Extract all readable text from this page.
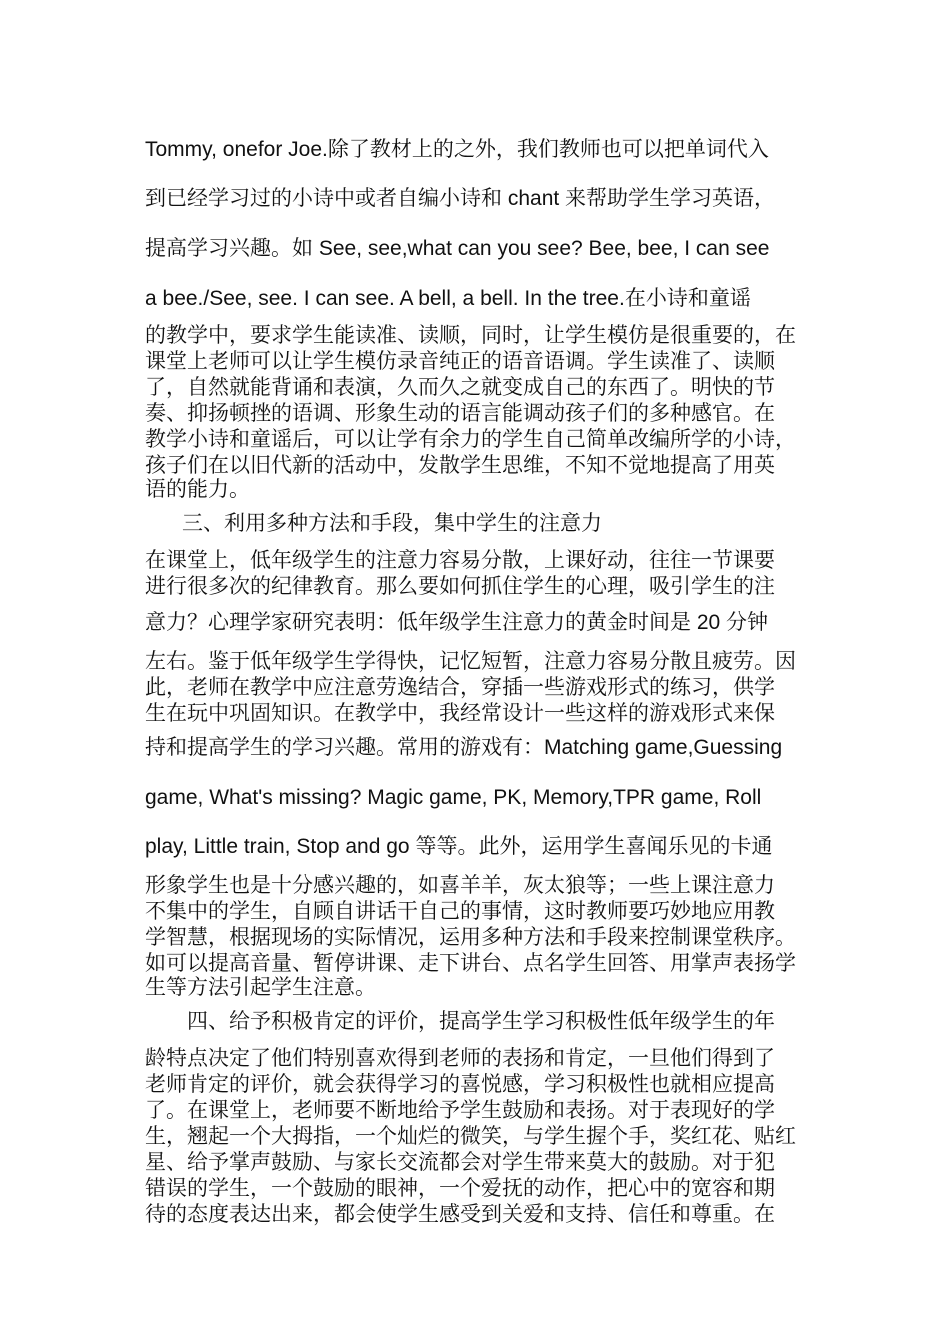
Tommy, onefor Joe.除了教材上的之外，我们教师也可以把单词代入
到已经学习过的小诗中或者自编小诗和 chant 来帮助学生学习英语，
提高学习兴趣。如 See, see,what can you see? Bee, bee, I can see
a bee./See, see. I can see. A bell, a bell. In the tree.在小诗和童谣
的教学中，要求学生能读准、读顺，同时，让学生模仿是很重要的，在
课堂上老师可以让学生模仿录音纯正的语音语调。学生读准了、读顺
了，自然就能背诵和表演，久而久之就变成自己的东西了。明快的节
奏、抑扬顿挫的语调、形象生动的语言能调动孩子们的多种感官。在
教学小诗和童谣后，可以让学有余力的学生自己简单改编所学的小诗，
孩子们在以旧代新的活动中，发散学生思维，不知不觉地提高了用英
语的能力。
三、利用多种方法和手段，集中学生的注意力
在课堂上，低年级学生的注意力容易分散，上课好动，往往一节课要
进行很多次的纪律教育。那么要如何抓住学生的心理，吸引学生的注
意力？心理学家研究表明：低年级学生注意力的黄金时间是 20 分钟
左右。鉴于低年级学生学得快，记忆短暂，注意力容易分散且疲劳。因
此，老师在教学中应注意劳逸结合，穿插一些游戏形式的练习，供学
生在玩中巩固知识。在教学中，我经常设计一些这样的游戏形式来保
持和提高学生的学习兴趣。常用的游戏有：Matching game,Guessing
game, What's missing? Magic game, PK, Memory,TPR game, Roll
play, Little train, Stop and go 等等。此外，运用学生喜闻乐见的卡通
形象学生也是十分感兴趣的，如喜羊羊，灰太狼等；一些上课注意力
不集中的学生，自顾自讲话干自己的事情，这时教师要巧妙地应用教
学智慧，根据现场的实际情况，运用多种方法和手段来控制课堂秩序。
如可以提高音量、暂停讲课、走下讲台、点名学生回答、用掌声表扬学
生等方法引起学生注意。
四、给予积极肯定的评价，提高学生学习积极性低年级学生的年
龄特点决定了他们特别喜欢得到老师的表扬和肯定，一旦他们得到了
老师肯定的评价，就会获得学习的喜悦感，学习积极性也就相应提高
了。在课堂上，老师要不断地给予学生鼓励和表扬。对于表现好的学
生，翘起一个大拇指，一个灿烂的微笑，与学生握个手，奖红花、贴红
星、给予掌声鼓励、与家长交流都会对学生带来莫大的鼓励。对于犯
错误的学生，一个鼓励的眼神，一个爱抚的动作，把心中的宽容和期
待的态度表达出来，都会使学生感受到关爱和支持、信任和尊重。在
